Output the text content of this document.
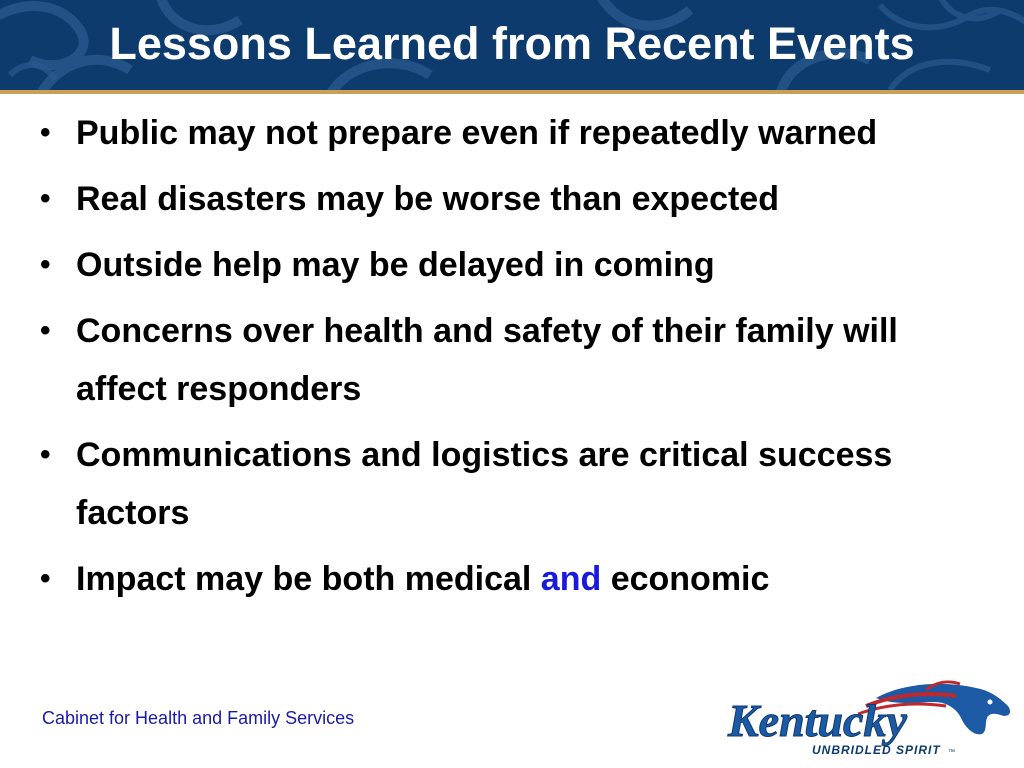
Lessons Learned from Recent Events
• Public may not prepare even if repeatedly warned
• Real disasters may be worse than expected
• Outside help may be delayed in coming
• Concerns over health and safety of their family will affect responders
• Communications and logistics are critical success factors
• Impact may be both medical and economic
Cabinet for Health and Family Services	Kentucky
UNBRIDLED SPIRIT ™
